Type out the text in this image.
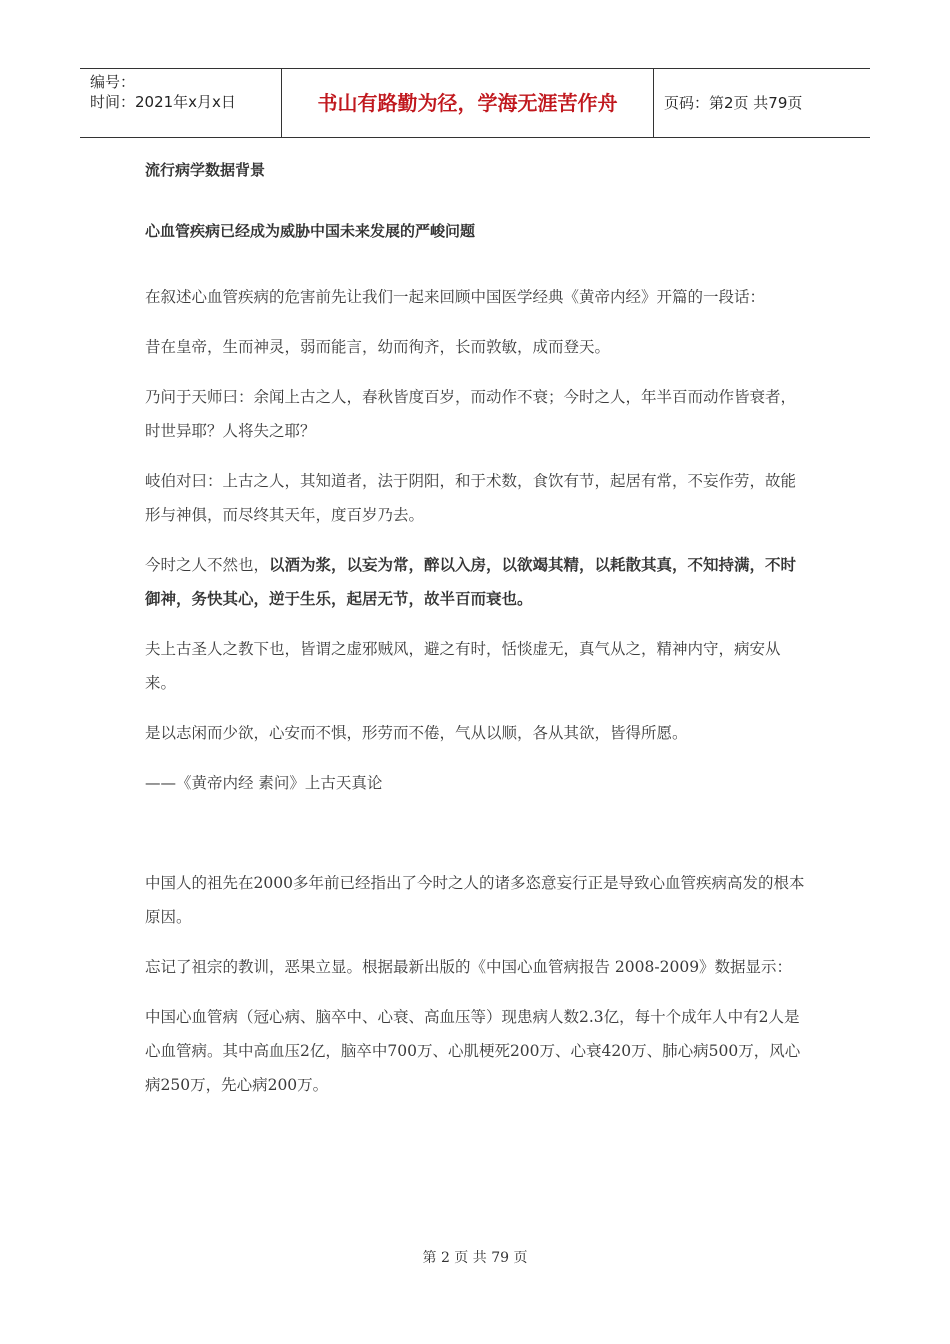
编号：
时间：2021年x月x日	书山有路勤为径，学海无涯苦作舟	页码：第2页 共79页
流行病学数据背景
心血管疾病已经成为威胁中国未来发展的严峻问题

在叙述心血管疾病的危害前先让我们一起来回顾中国医学经典《黄帝内经》开篇的一段话：

昔在皇帝，生而神灵，弱而能言，幼而徇齐，长而敦敏，成而登天。

乃问于天师曰：余闻上古之人，春秋皆度百岁，而动作不衰；今时之人，年半百而动作皆衰者，时世异耶？人将失之耶？

岐伯对曰：上古之人，其知道者，法于阴阳，和于术数，食饮有节，起居有常，不妄作劳，故能形与神俱，而尽终其天年，度百岁乃去。

今时之人不然也，以酒为浆，以妄为常，醉以入房，以欲竭其精，以耗散其真，不知持满，不时御神，务快其心，逆于生乐，起居无节，故半百而衰也。

夫上古圣人之教下也，皆谓之虚邪贼风，避之有时，恬惔虚无，真气从之，精神内守，病安从来。

是以志闲而少欲，心安而不惧，形劳而不倦，气从以顺，各从其欲，皆得所愿。

——《黄帝内经 素问》上古天真论

中国人的祖先在2000多年前已经指出了今时之人的诸多恣意妄行正是导致心血管疾病高发的根本原因。

忘记了祖宗的教训，恶果立显。根据最新出版的《中国心血管病报告 2008-2009》数据显示：

中国心血管病（冠心病、脑卒中、心衰、高血压等）现患病人数2.3亿，每十个成年人中有2人是心血管病。其中高血压2亿，脑卒中700万、心肌梗死200万、心衰420万、肺心病500万，风心病250万，先心病200万。

第 2 页 共 79 页
